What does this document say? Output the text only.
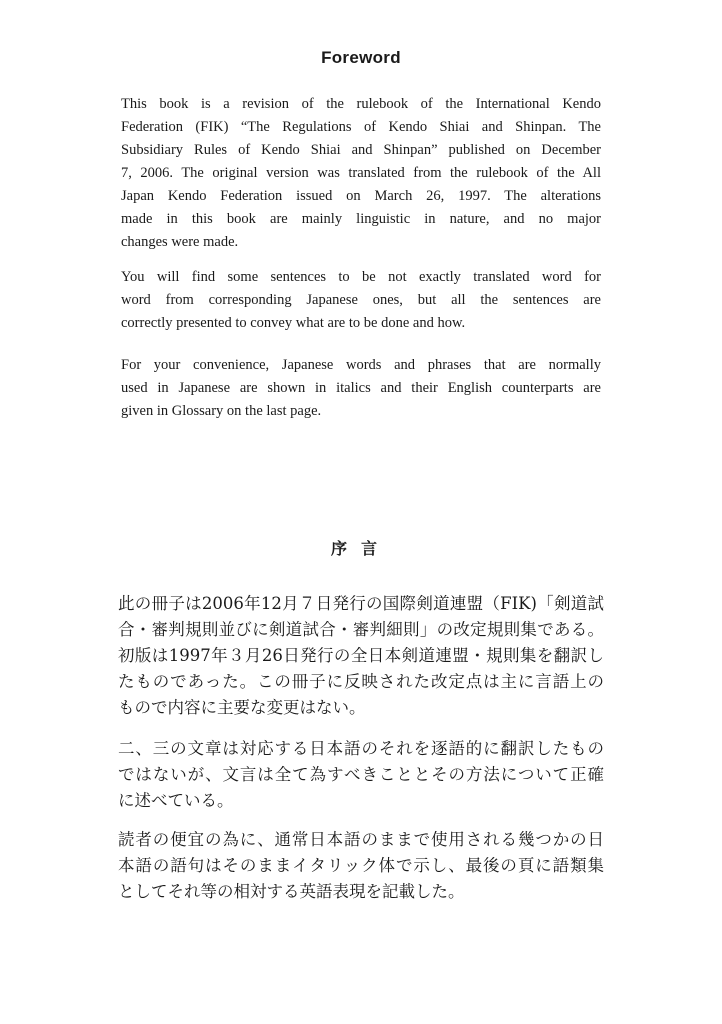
Foreword
This book is a revision of the rulebook of the International Kendo
Federation (FIK) “The Regulations of Kendo Shiai and Shinpan. The
Subsidiary Rules of Kendo Shiai and Shinpan” published on December
7, 2006. The original version was translated from the rulebook of the All
Japan Kendo Federation issued on March 26, 1997. The alterations
made in this book are mainly linguistic in nature, and no major
changes were made.
You will find some sentences to be not exactly translated word for
word from corresponding Japanese ones, but all the sentences are
correctly presented to convey what are to be done and how.
For your convenience, Japanese words and phrases that are normally
used in Japanese are shown in italics and their English counterparts are
given in Glossary on the last page.
序言
此の冊子は2006年12月７日発行の国際剣道連盟（FIK)「剣道試
合・審判規則並びに剣道試合・審判細則」の改定規則集である。
初版は1997年３月26日発行の全日本剣道連盟・規則集を翻訳し
たものであった。この冊子に反映された改定点は主に言語上の
もので内容に主要な変更はない。
二、三の文章は対応する日本語のそれを逐語的に翻訳したもの
ではないが、文言は全て為すべきこととその方法について正確
に述べている。
読者の便宜の為に、通常日本語のままで使用される幾つかの日
本語の語句はそのままイタリック体で示し、最後の頁に語類集
としてそれ等の相対する英語表現を記載した。
